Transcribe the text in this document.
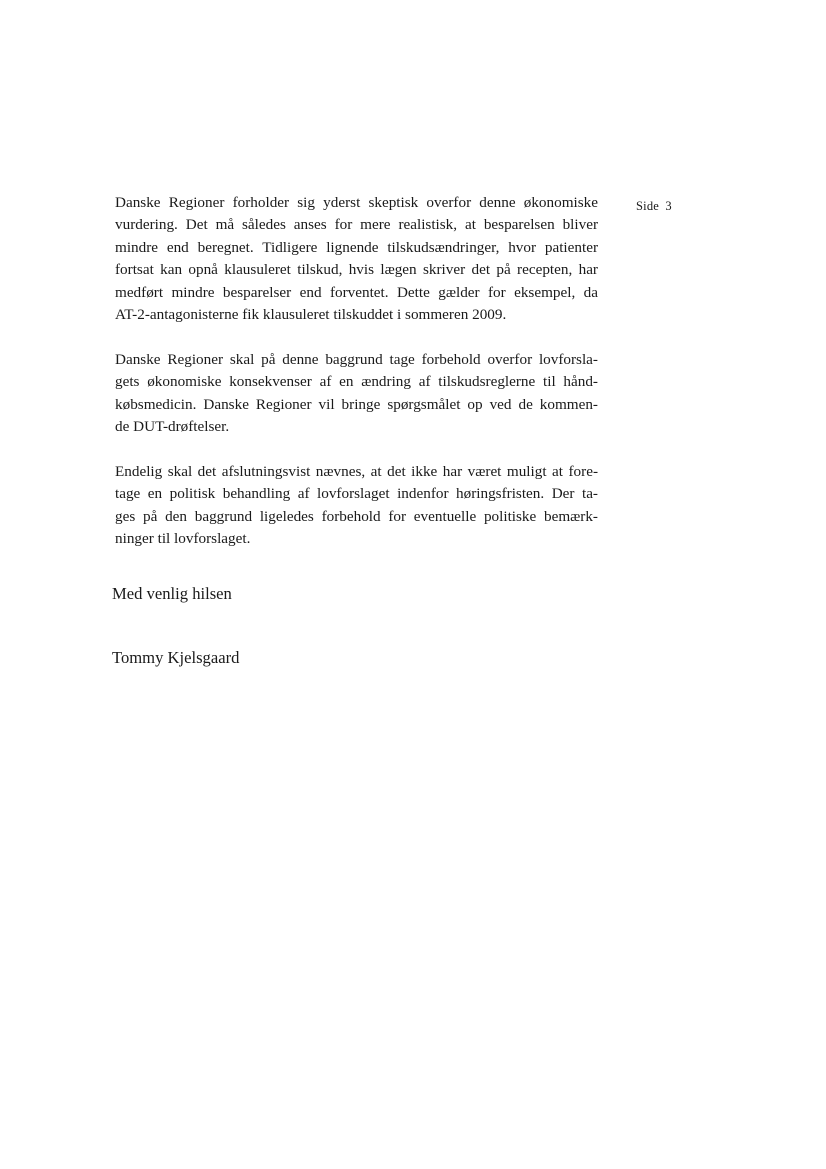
Side 3

Danske Regioner forholder sig yderst skeptisk overfor denne økonomiske
vurdering. Det må således anses for mere realistisk, at besparelsen bliver
mindre end beregnet. Tidligere lignende tilskudsændringer, hvor patienter
fortsat kan opnå klausuleret tilskud, hvis lægen skriver det på recepten, har
medført mindre besparelser end forventet. Dette gælder for eksempel, da
AT-2-antagonisterne fik klausuleret tilskuddet i sommeren 2009.

Danske Regioner skal på denne baggrund tage forbehold overfor lovforsla-
gets økonomiske konsekvenser af en ændring af tilskudsreglerne til hånd-
købsmedicin. Danske Regioner vil bringe spørgsmålet op ved de kommen-
de DUT-drøftelser.

Endelig skal det afslutningsvist nævnes, at det ikke har været muligt at fore-
tage en politisk behandling af lovforslaget indenfor høringsfristen. Der ta-
ges på den baggrund ligeledes forbehold for eventuelle politiske bemærk-
ninger til lovforslaget.

Med venlig hilsen
Tommy Kjelsgaard
